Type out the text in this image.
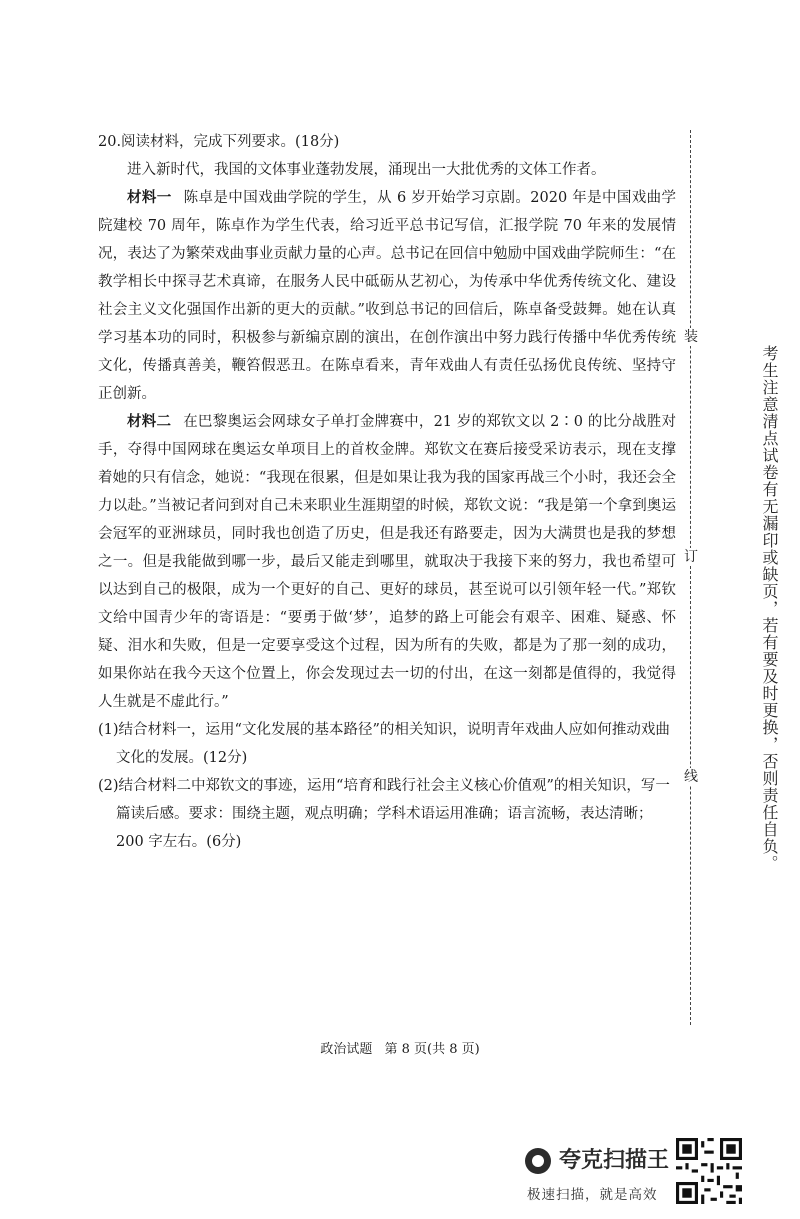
20.阅读材料，完成下列要求。(18分)

进入新时代，我国的文体事业蓬勃发展，涌现出一大批优秀的文体工作者。

材料一 陈卓是中国戏曲学院的学生，从 6 岁开始学习京剧。2020 年是中国戏曲学院建校 70 周年，陈卓作为学生代表，给习近平总书记写信，汇报学院 70 年来的发展情况，表达了为繁荣戏曲事业贡献力量的心声。总书记在回信中勉励中国戏曲学院师生：“在教学相长中探寻艺术真谛，在服务人民中砥砺从艺初心，为传承中华优秀传统文化、建设社会主义文化强国作出新的更大的贡献。”收到总书记的回信后，陈卓备受鼓舞。她在认真学习基本功的同时，积极参与新编京剧的演出，在创作演出中努力践行传播中华优秀传统文化，传播真善美，鞭笞假恶丑。在陈卓看来，青年戏曲人有责任弘扬优良传统、坚持守正创新。

材料二 在巴黎奥运会网球女子单打金牌赛中，21 岁的郑钦文以 2∶0 的比分战胜对手，夺得中国网球在奥运女单项目上的首枚金牌。郑钦文在赛后接受采访表示，现在支撑着她的只有信念，她说：“我现在很累，但是如果让我为我的国家再战三个小时，我还会全力以赴。”当被记者问到对自己未来职业生涯期望的时候，郑钦文说：“我是第一个拿到奥运会冠军的亚洲球员，同时我也创造了历史，但是我还有路要走，因为大满贯也是我的梦想之一。但是我能做到哪一步，最后又能走到哪里，就取决于我接下来的努力，我也希望可以达到自己的极限，成为一个更好的自己、更好的球员，甚至说可以引领年轻一代。”郑钦文给中国青少年的寄语是：“要勇于做‘梦’，追梦的路上可能会有艰辛、困难、疑惑、怀疑、泪水和失败，但是一定要享受这个过程，因为所有的失败，都是为了那一刻的成功，如果你站在我今天这个位置上，你会发现过去一切的付出，在这一刻都是值得的，我觉得人生就是不虚此行。”

(1)结合材料一，运用“文化发展的基本路径”的相关知识，说明青年戏曲人应如何推动戏曲文化的发展。(12分)

(2)结合材料二中郑钦文的事迹，运用“培育和践行社会主义核心价值观”的相关知识，写一篇读后感。要求：围绕主题，观点明确；学科术语运用准确；语言流畅，表达清晰；200 字左右。(6分)

装
订
线	考生注意清点试卷有无漏印或缺页，若有要及时更换，否则责任自负。
政治试题 第 8 页(共 8 页)
夸克扫描王
极速扫描，就是高效
